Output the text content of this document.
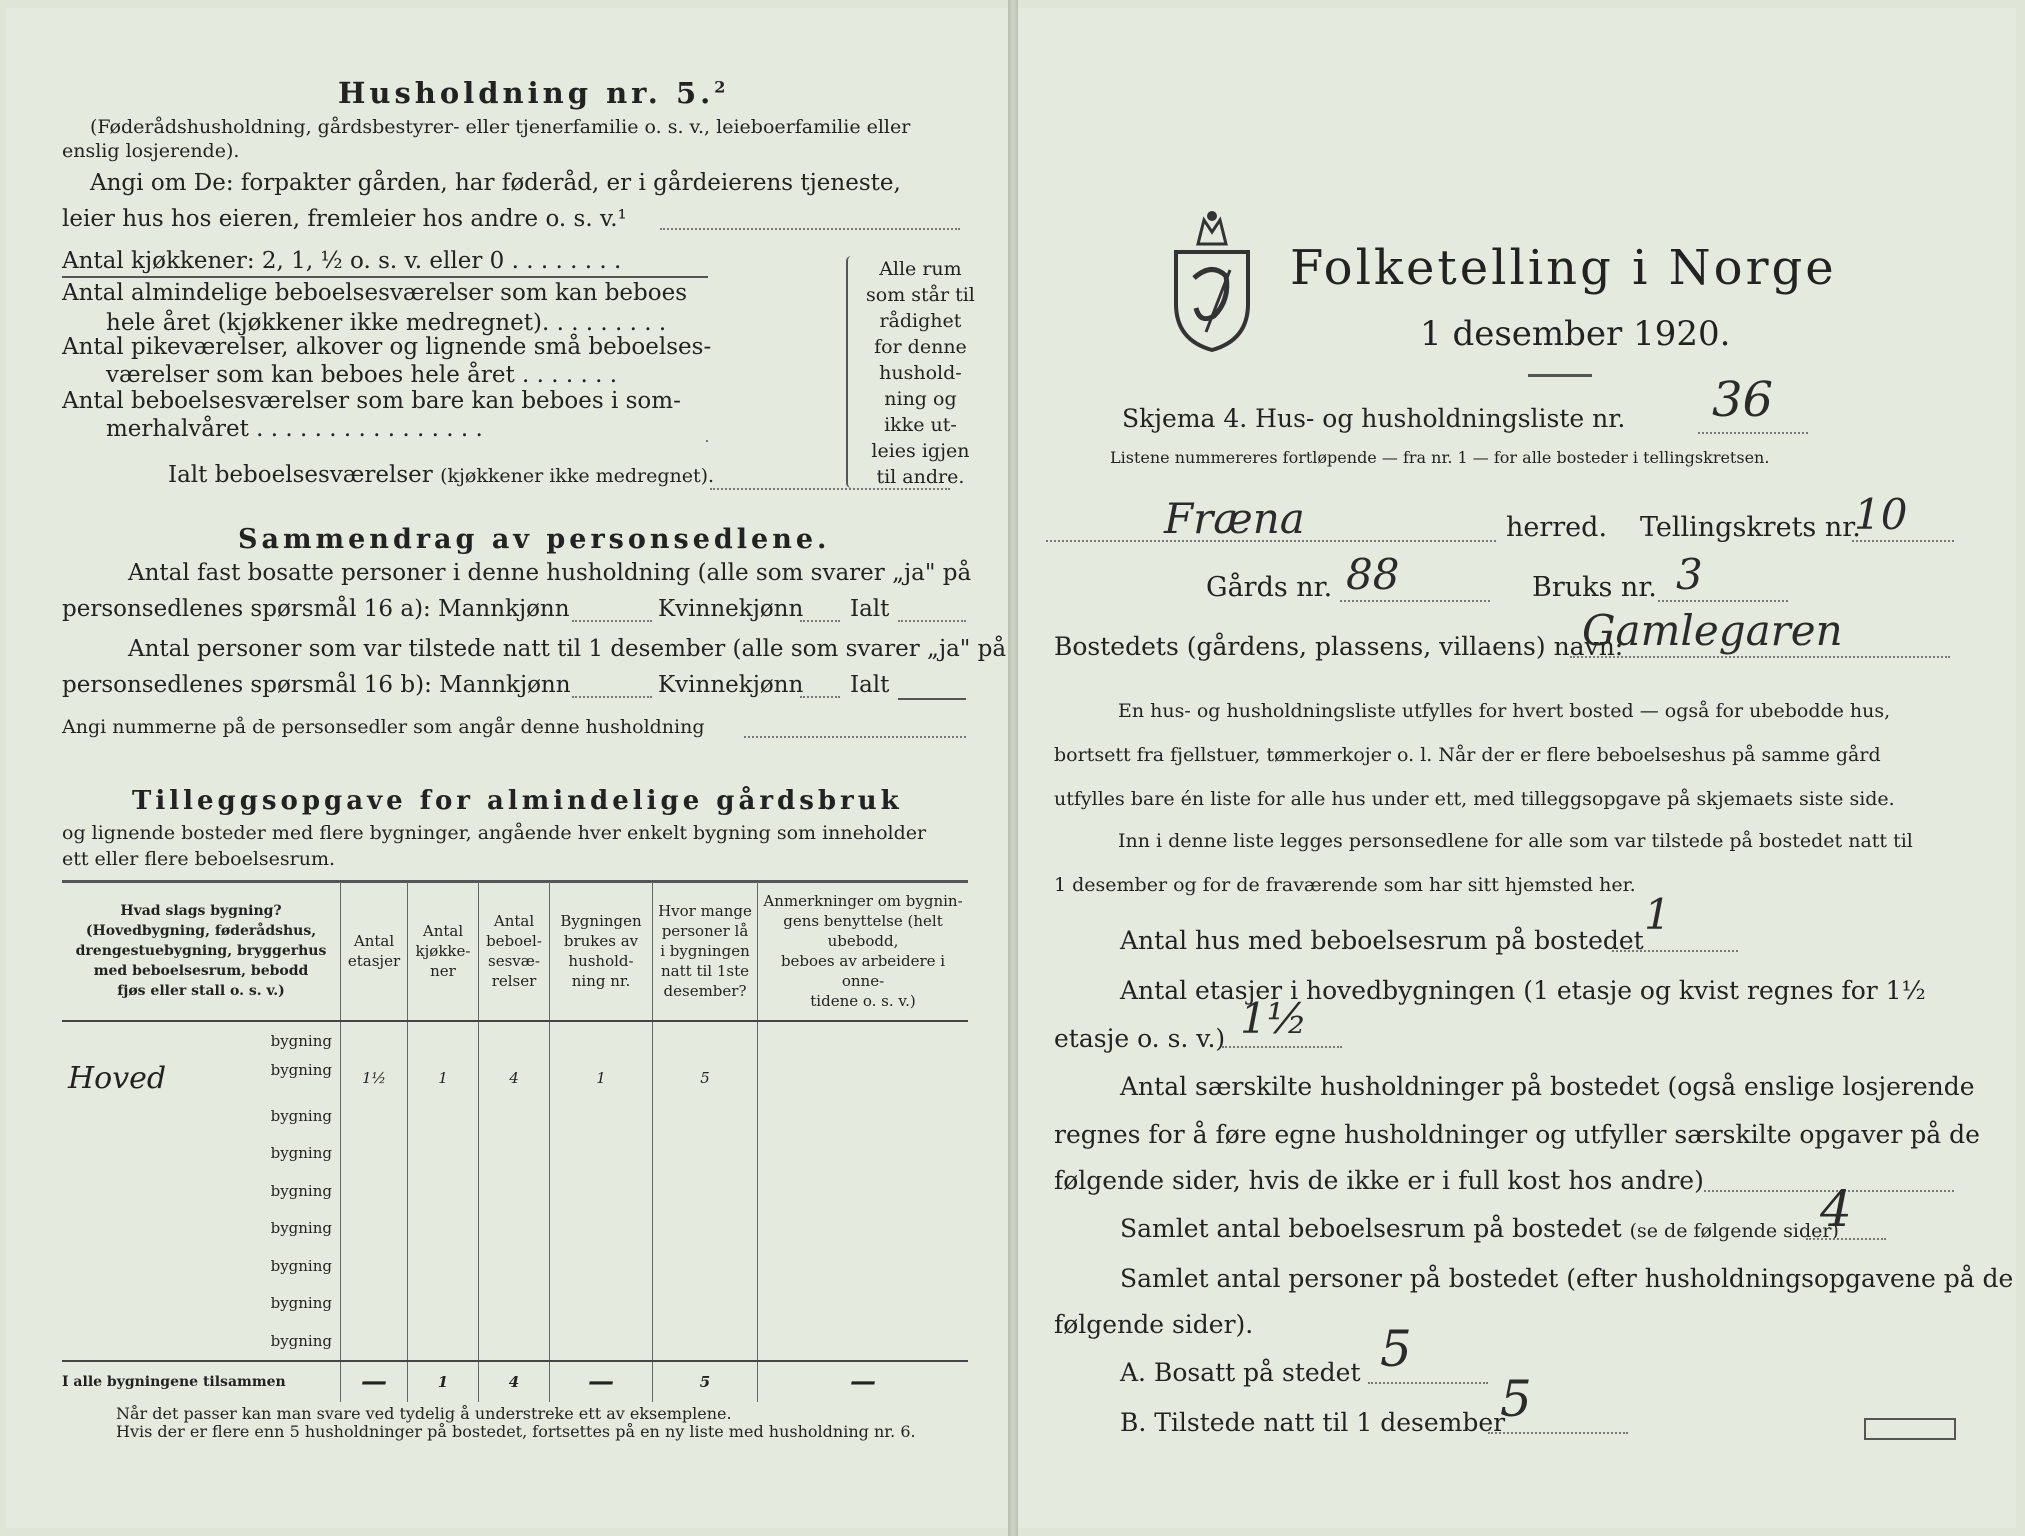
Husholdning nr. 5.$^2$
(Føderådshusholdning, gårdsbestyrer- eller tjenerfamilie o. s. v., leieboerfamilie eller
enslig losjerende).
Angi om De: forpakter gården, har føderåd, er i gårdeierens tjeneste,
leier hus hos eieren, fremleier hos andre o. s. v.¹
Antal kjøkkener: 2, 1, ½ o. s. v. eller 0 . . . . . . . .
Antal almindelige beboelsesværelser som kan beboes
hele året (kjøkkener ikke medregnet). . . . . . . . .
Antal pikeværelser, alkover og lignende små beboelses-
værelser som kan beboes hele året . . . . . . .
Antal beboelsesværelser som bare kan beboes i som-
merhalvåret . . . . . . . . . . . . . . . .
Ialt beboelsesværelser (kjøkkener ikke medregnet).
Alle rum
som står til
rådighet
for denne
hushold-
ning og
ikke ut-
leies igjen
til andre.
Sammendrag av personsedlene.
Antal fast bosatte personer i denne husholdning (alle som svarer „ja" på
personsedlenes spørsmål 16 a): Mannkjønn	Kvinnekjønn Ialt
Antal personer som var tilstede natt til 1 desember (alle som svarer „ja" på
personsedlenes spørsmål 16 b): Mannkjønn	Kvinnekjønn Ialt
Angi nummerne på de personsedler som angår denne husholdning
Tilleggsopgave for almindelige gårdsbruk
og lignende bosteder med flere bygninger, angående hver enkelt bygning som inneholder
ett eller flere beboelsesrum.
Hvad slags bygning?
(Hovedbygning, føderådshus,
drengestuebygning, bryggerhus
med beboelsesrum, bebodd
fjøs eller stall o. s. v.)	Antal
etasjer	Antal
kjøkke-
ner	Antal
beboel-
sesvæ-
relser	Bygningen
brukes av
hushold-
ning nr.	Hvor mange
personer lå
i bygningen
natt til 1ste
desember?	Anmerkninger om bygnin-
gens benyttelse (helt ubebodd,
beboes av arbeidere i onne-
tidene o. s. v.)

bygning						

Hoved bygning	1½	1	4	1	5	

bygning						

bygning						

bygning						

bygning						

bygning						

bygning						

bygning						
I alle bygningene tilsammen	—	1	4	—	5	—
Når det passer kan man svare ved tydelig å understreke ett av eksemplene.
Hvis der er flere enn 5 husholdninger på bostedet, fortsettes på en ny liste med husholdning nr. 6.
Folketelling i Norge
1 desember 1920.
Skjema 4. Hus- og husholdningsliste nr. 36
Listene nummereres fortløpende — fra nr. 1 — for alle bosteder i tellingskretsen.
Fræna	herred. Tellingskrets nr.
10
Gårds nr. 88	Bruks nr. 3
Bostedets (gårdens, plassens, villaens) navn:
Gamlegaren
En hus- og husholdningsliste utfylles for hvert bosted — også for ubebodde hus,
bortsett fra fjellstuer, tømmerkojer o. l. Når der er flere beboelseshus på samme gård
utfylles bare én liste for alle hus under ett, med tilleggsopgave på skjemaets siste side.
Inn i denne liste legges personsedlene for alle som var tilstede på bostedet natt til
1 desember og for de fraværende som har sitt hjemsted her.
Antal hus med beboelsesrum på bostedet
1
Antal etasjer i hovedbygningen (1 etasje og kvist regnes for 1½
etasje o. s. v.) 1½
Antal særskilte husholdninger på bostedet (også enslige losjerende
regnes for å føre egne husholdninger og utfyller særskilte opgaver på de
følgende sider, hvis de ikke er i full kost hos andre)
Samlet antal beboelsesrum på bostedet (se de følgende sider)
4
Samlet antal personer på bostedet (efter husholdningsopgavene på de
følgende sider).
A. Bosatt på stedet 5
B. Tilstede natt til 1 desember
5
